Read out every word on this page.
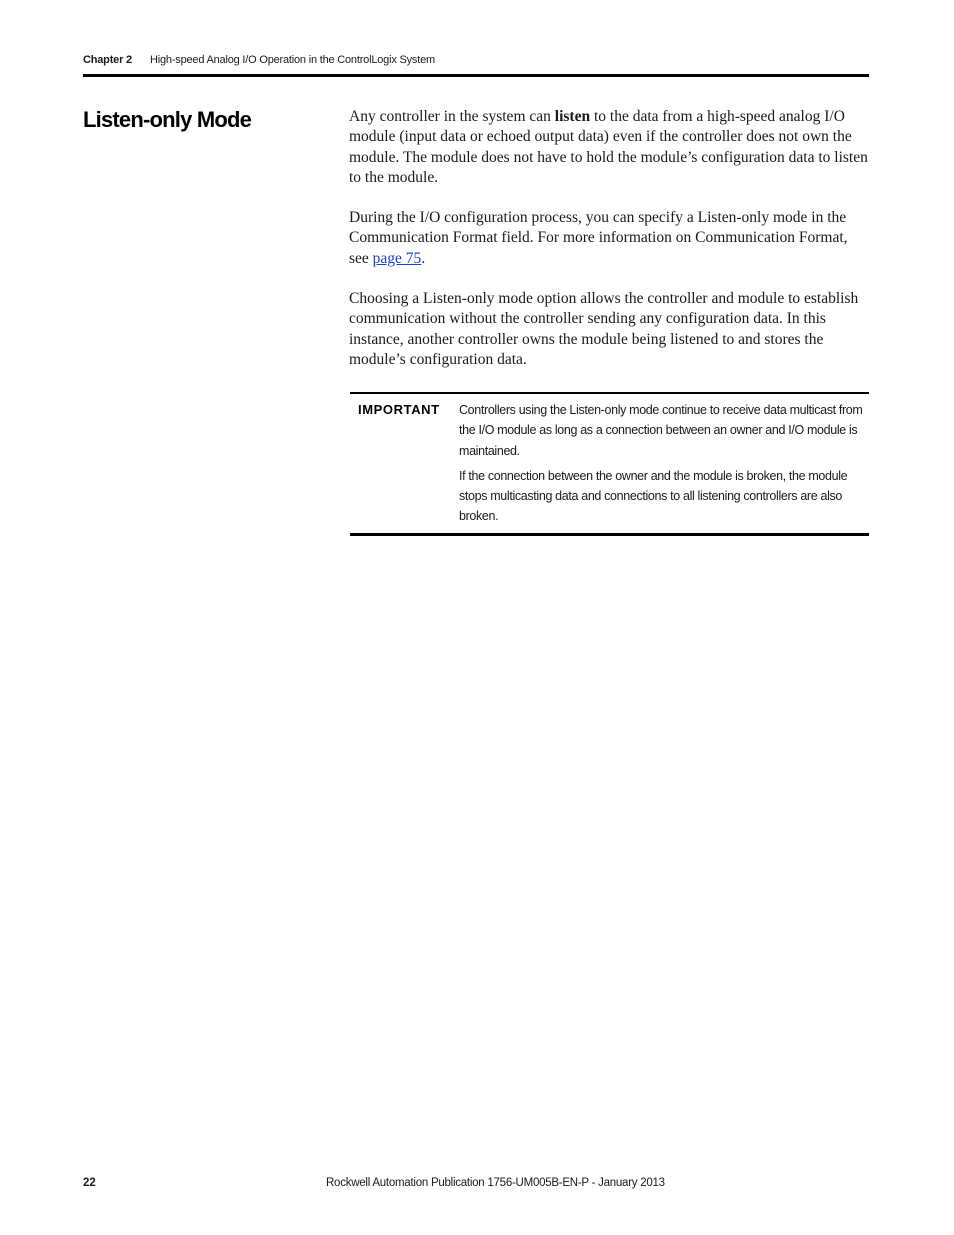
Chapter 2 High-speed Analog I/O Operation in the ControlLogix System
Listen-only Mode	Any controller in the system can listen to the data from a high-speed analog I/O module (input data or echoed output data) even if the controller does not own the module. The module does not have to hold the module’s configuration data to listen to the module.

During the I/O configuration process, you can specify a Listen-only mode in the Communication Format field. For more information on Communication Format, see page 75.

Choosing a Listen-only mode option allows the controller and module to establish communication without the controller sending any configuration data. In this instance, another controller owns the module being listened to and stores the module’s configuration data.

IMPORTANT	Controllers using the Listen-only mode continue to receive data multicast from the I/O module as long as a connection between an owner and I/O module is maintained.

If the connection between the owner and the module is broken, the module stops multicasting data and connections to all listening controllers are also broken.

22	Rockwell Automation Publication 1756-UM005B-EN-P - January 2013
